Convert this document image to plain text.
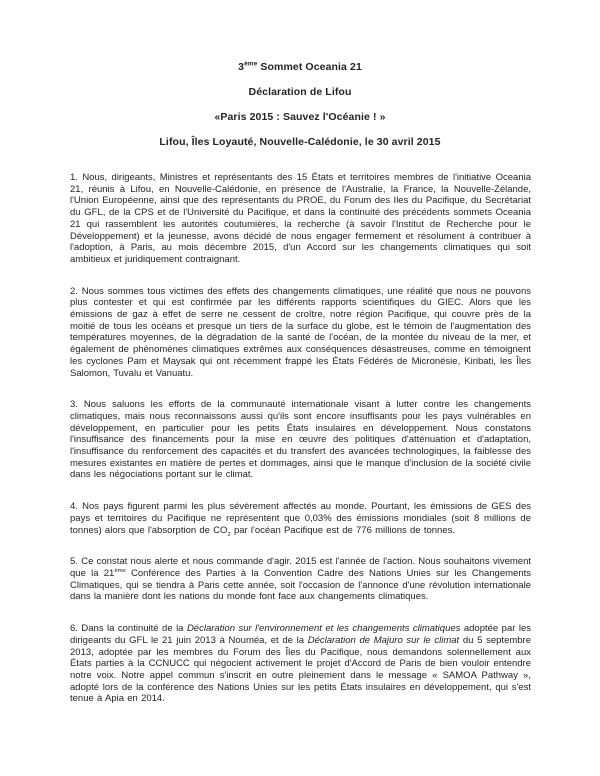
3ème Sommet Oceania 21
Déclaration de Lifou
«Paris 2015 : Sauvez l'Océanie ! »
Lifou, Îles Loyauté, Nouvelle-Calédonie, le 30 avril 2015

1. Nous, dirigeants, Ministres et représentants des 15 États et territoires membres de l'initiative Oceania 21, réunis à Lifou, en Nouvelle-Calédonie, en présence de l'Australie, la France, la Nouvelle-Zélande, l'Union Européenne, ainsi que des représentants du PROE, du Forum des Iles du Pacifique, du Secrétariat du GFL, de la CPS et de l'Université du Pacifique, et dans la continuité des précédents sommets Oceania 21 qui rassemblent les autorités coutumières, la recherche (à savoir l'Institut de Recherche pour le Développement) et la jeunesse, avons décidé de nous engager fermement et résolument à contribuer à l'adoption, à Paris, au mois décembre 2015, d'un Accord sur les changements climatiques qui soit ambitieux et juridiquement contraignant.

2. Nous sommes tous victimes des effets des changements climatiques, une réalité que nous ne pouvons plus contester et qui est confirmée par les différents rapports scientifiques du GIEC. Alors que les émissions de gaz à effet de serre ne cessent de croître, notre région Pacifique, qui couvre près de la moitié de tous les océans et presque un tiers de la surface du globe, est le témoin de l'augmentation des températures moyennes, de la dégradation de la santé de l'océan, de la montée du niveau de la mer, et également de phénomènes climatiques extrêmes aux conséquences désastreuses, comme en témoignent les cyclones Pam et Maysak qui ont récemment frappé les États Fédérés de Micronésie, Kiribati, les Îles Salomon, Tuvalu et Vanuatu.

3. Nous saluons les efforts de la communauté internationale visant à lutter contre les changements climatiques, mais nous reconnaissons aussi qu'ils sont encore insuffisants pour les pays vulnérables en développement, en particulier pour les petits États insulaires en développement. Nous constatons l'insuffisance des financements pour la mise en œuvre des politiques d'atténuation et d'adaptation, l'insuffisance du renforcement des capacités et du transfert des avancées technologiques, la faiblesse des mesures existantes en matière de pertes et dommages, ainsi que le manque d'inclusion de la société civile dans les négociations portant sur le climat.

4. Nos pays figurent parmi les plus sévèrement affectés au monde. Pourtant, les émissions de GES des pays et territoires du Pacifique ne représentent que 0,03% des émissions mondiales (soit 8 millions de tonnes) alors que l'absorption de $CO_2$ par l'océan Pacifique est de 776 millions de tonnes.

5. Ce constat nous alerte et nous commande d'agir. 2015 est l'année de l'action. Nous souhaitons vivement que la 21ème Conférence des Parties à la Convention Cadre des Nations Unies sur les Changements Climatiques, qui se tiendra à Paris cette année, soit l'occasion de l'annonce d'une révolution internationale dans la manière dont les nations du monde font face aux changements climatiques.

6. Dans la continuité de la Déclaration sur l'environnement et les changements climatiques adoptée par les dirigeants du GFL le 21 juin 2013 à Nouméa, et de la Déclaration de Majuro sur le climat du 5 septembre 2013, adoptée par les membres du Forum des Îles du Pacifique, nous demandons solennellement aux États parties à la CCNUCC qui négocient activement le projet d'Accord de Paris de bien vouloir entendre notre voix. Notre appel commun s'inscrit en outre pleinement dans le message « SAMOA Pathway », adopté lors de la conférence des Nations Unies sur les petits États insulaires en développement, qui s'est tenue à Apia en 2014.
